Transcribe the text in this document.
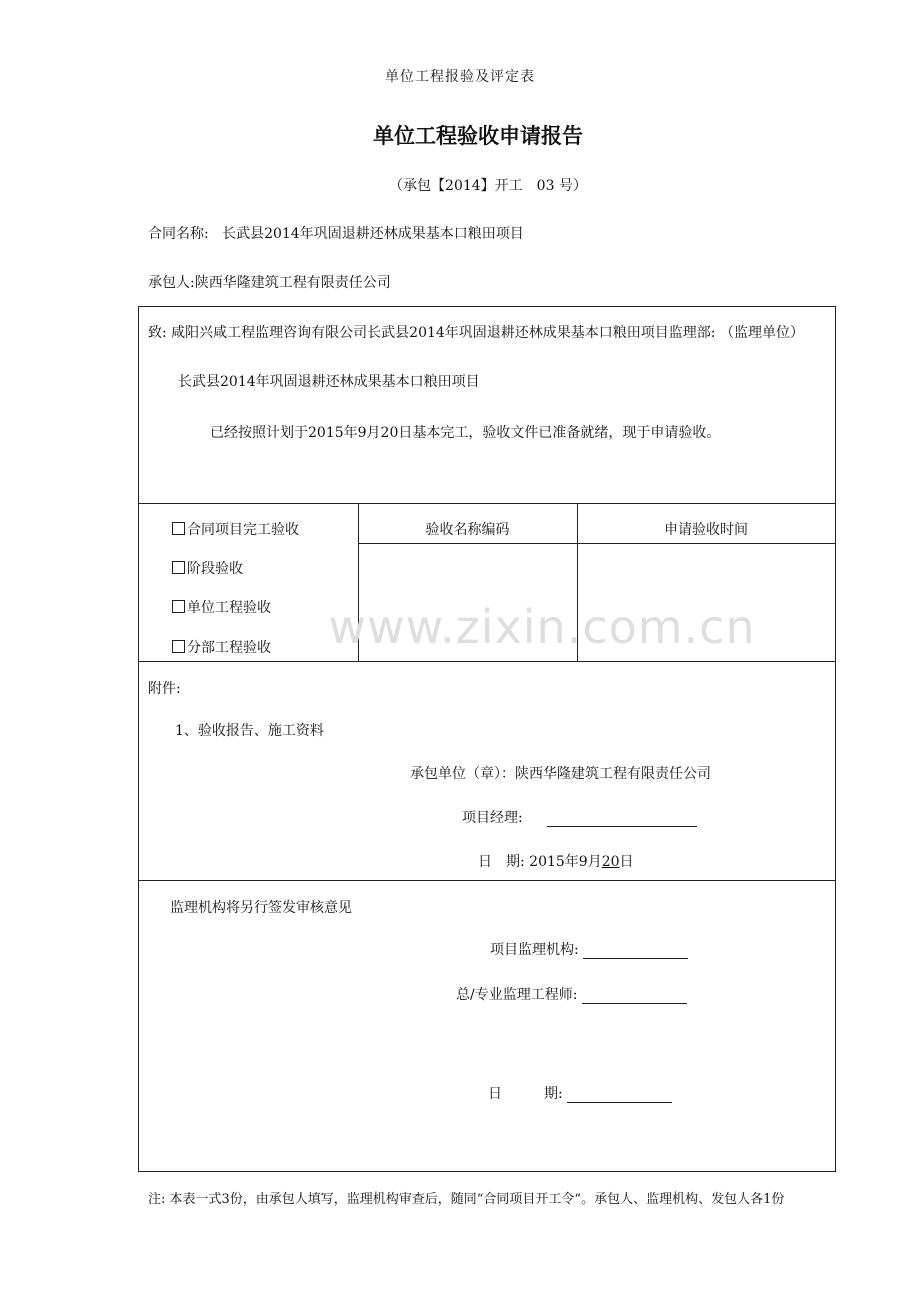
单位工程报验及评定表
单位工程验收申请报告
（承包【2014】开工　03 号）
合同名称: 长武县2014年巩固退耕还林成果基本口粮田项目
承包人:陕西华隆建筑工程有限责任公司
www.zixin.com.cn
致: 咸阳兴咸工程监理咨询有限公司长武县2014年巩固退耕还林成果基本口粮田项目监理部: （监理单位）
长武县2014年巩固退耕还林成果基本口粮田项目
已经按照计划于2015年9月20日基本完工，验收文件已准备就绪，现于申请验收。
合同项目完工验收
阶段验收
单位工程验收
分部工程验收
验收名称编码	申请验收时间
附件:
1、验收报告、施工资料
承包单位（章）：陕西华隆建筑工程有限责任公司
项目经理:
日　期: 2015年9月20日
监理机构将另行签发审核意见
项目监理机构:
总/专业监理工程师:
日　　　期:
注: 本表一式3份，由承包人填写，监理机构审查后，随同“合同项目开工令“。承包人、监理机构、发包人各1份
